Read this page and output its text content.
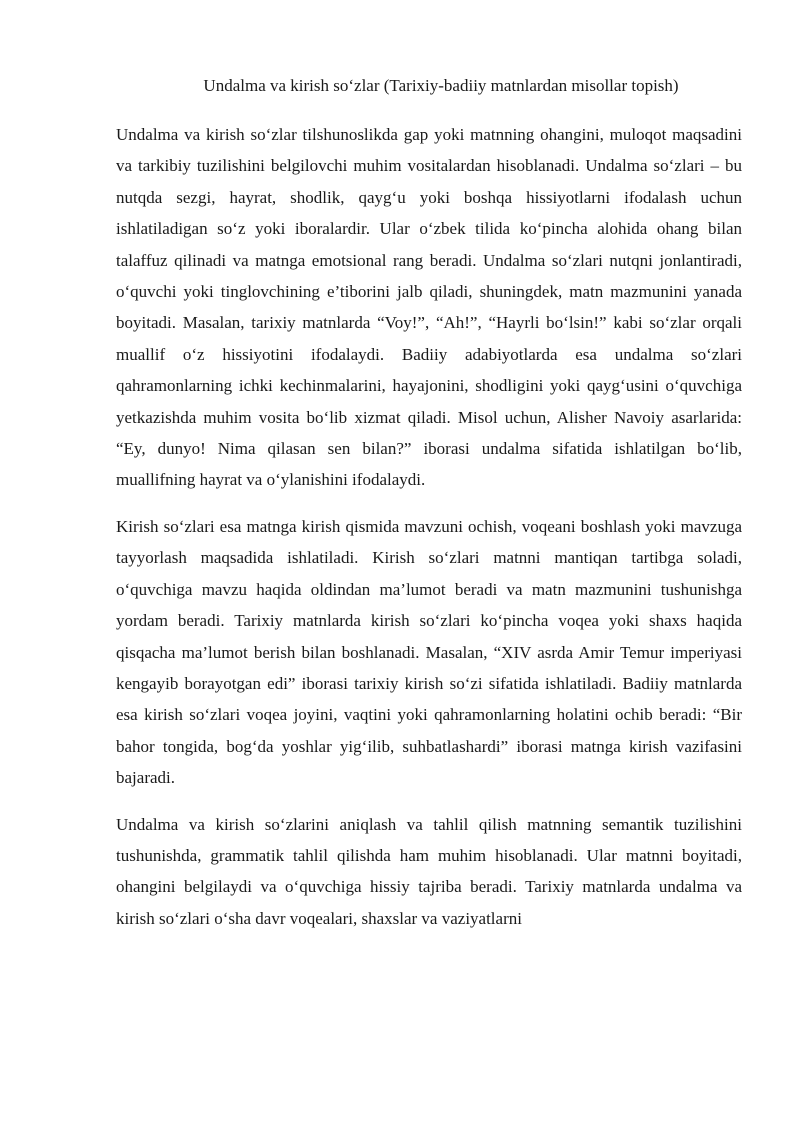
Undalma va kirish so‘zlar (Tarixiy-badiiy matnlardan misollar topish)

Undalma va kirish so‘zlar tilshunoslikda gap yoki matnning ohangini, muloqot maqsadini va tarkibiy tuzilishini belgilovchi muhim vositalardan hisoblanadi. Undalma so‘zlari – bu nutqda sezgi, hayrat, shodlik, qayg‘u yoki boshqa hissiyotlarni ifodalash uchun ishlatiladigan so‘z yoki iboralardir. Ular o‘zbek tilida ko‘pincha alohida ohang bilan talaffuz qilinadi va matnga emotsional rang beradi. Undalma so‘zlari nutqni jonlantiradi, o‘quvchi yoki tinglovchining e’tiborini jalb qiladi, shuningdek, matn mazmunini yanada boyitadi. Masalan, tarixiy matnlarda “Voy!”, “Ah!”, “Hayrli bo‘lsin!” kabi so‘zlar orqali muallif o‘z hissiyotini ifodalaydi. Badiiy adabiyotlarda esa undalma so‘zlari qahramonlarning ichki kechinmalarini, hayajonini, shodligini yoki qayg‘usini o‘quvchiga yetkazishda muhim vosita bo‘lib xizmat qiladi. Misol uchun, Alisher Navoiy asarlarida: “Ey, dunyo! Nima qilasan sen bilan?” iborasi undalma sifatida ishlatilgan bo‘lib, muallifning hayrat va o‘ylanishini ifodalaydi.

Kirish so‘zlari esa matnga kirish qismida mavzuni ochish, voqeani boshlash yoki mavzuga tayyorlash maqsadida ishlatiladi. Kirish so‘zlari matnni mantiqan tartibga soladi, o‘quvchiga mavzu haqida oldindan ma’lumot beradi va matn mazmunini tushunishga yordam beradi. Tarixiy matnlarda kirish so‘zlari ko‘pincha voqea yoki shaxs haqida qisqacha ma’lumot berish bilan boshlanadi. Masalan, “XIV asrda Amir Temur imperiyasi kengayib borayotgan edi” iborasi tarixiy kirish so‘zi sifatida ishlatiladi. Badiiy matnlarda esa kirish so‘zlari voqea joyini, vaqtini yoki qahramonlarning holatini ochib beradi: “Bir bahor tongida, bog‘da yoshlar yig‘ilib, suhbatlashardi” iborasi matnga kirish vazifasini bajaradi.

Undalma va kirish so‘zlarini aniqlash va tahlil qilish matnning semantik tuzilishini tushunishda, grammatik tahlil qilishda ham muhim hisoblanadi. Ular matnni boyitadi, ohangini belgilaydi va o‘quvchiga hissiy tajriba beradi. Tarixiy matnlarda undalma va kirish so‘zlari o‘sha davr voqealari, shaxslar va vaziyatlarni
